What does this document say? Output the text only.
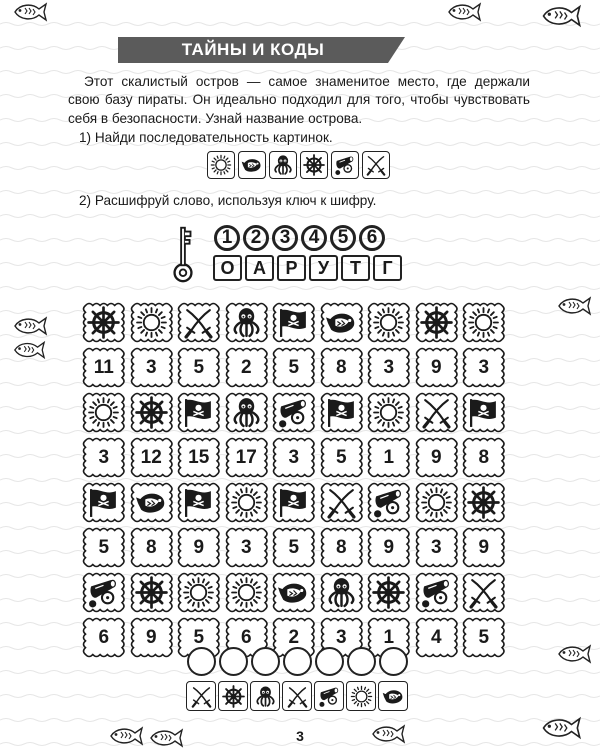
ТАЙНЫ И КОДЫ

Этот скалистый остров — самое знаменитое место, где держали свою базу пираты. Он идеально подходил для того, чтобы чувствовать себя в безопасности. Узнай название острова.

1) Найди последовательность картинок.
2) Расшифруй слово, используя ключ к шифру.
1 2 3 4 5 6
О	А	Р	У	Т	Г
11 3 5 2 5 8 3 9 3
3 12 15 17 3 5 1 9 8
5 8 9 3 5 8 9 3 9
6 9 5 6 2 3 1 4 5
3
